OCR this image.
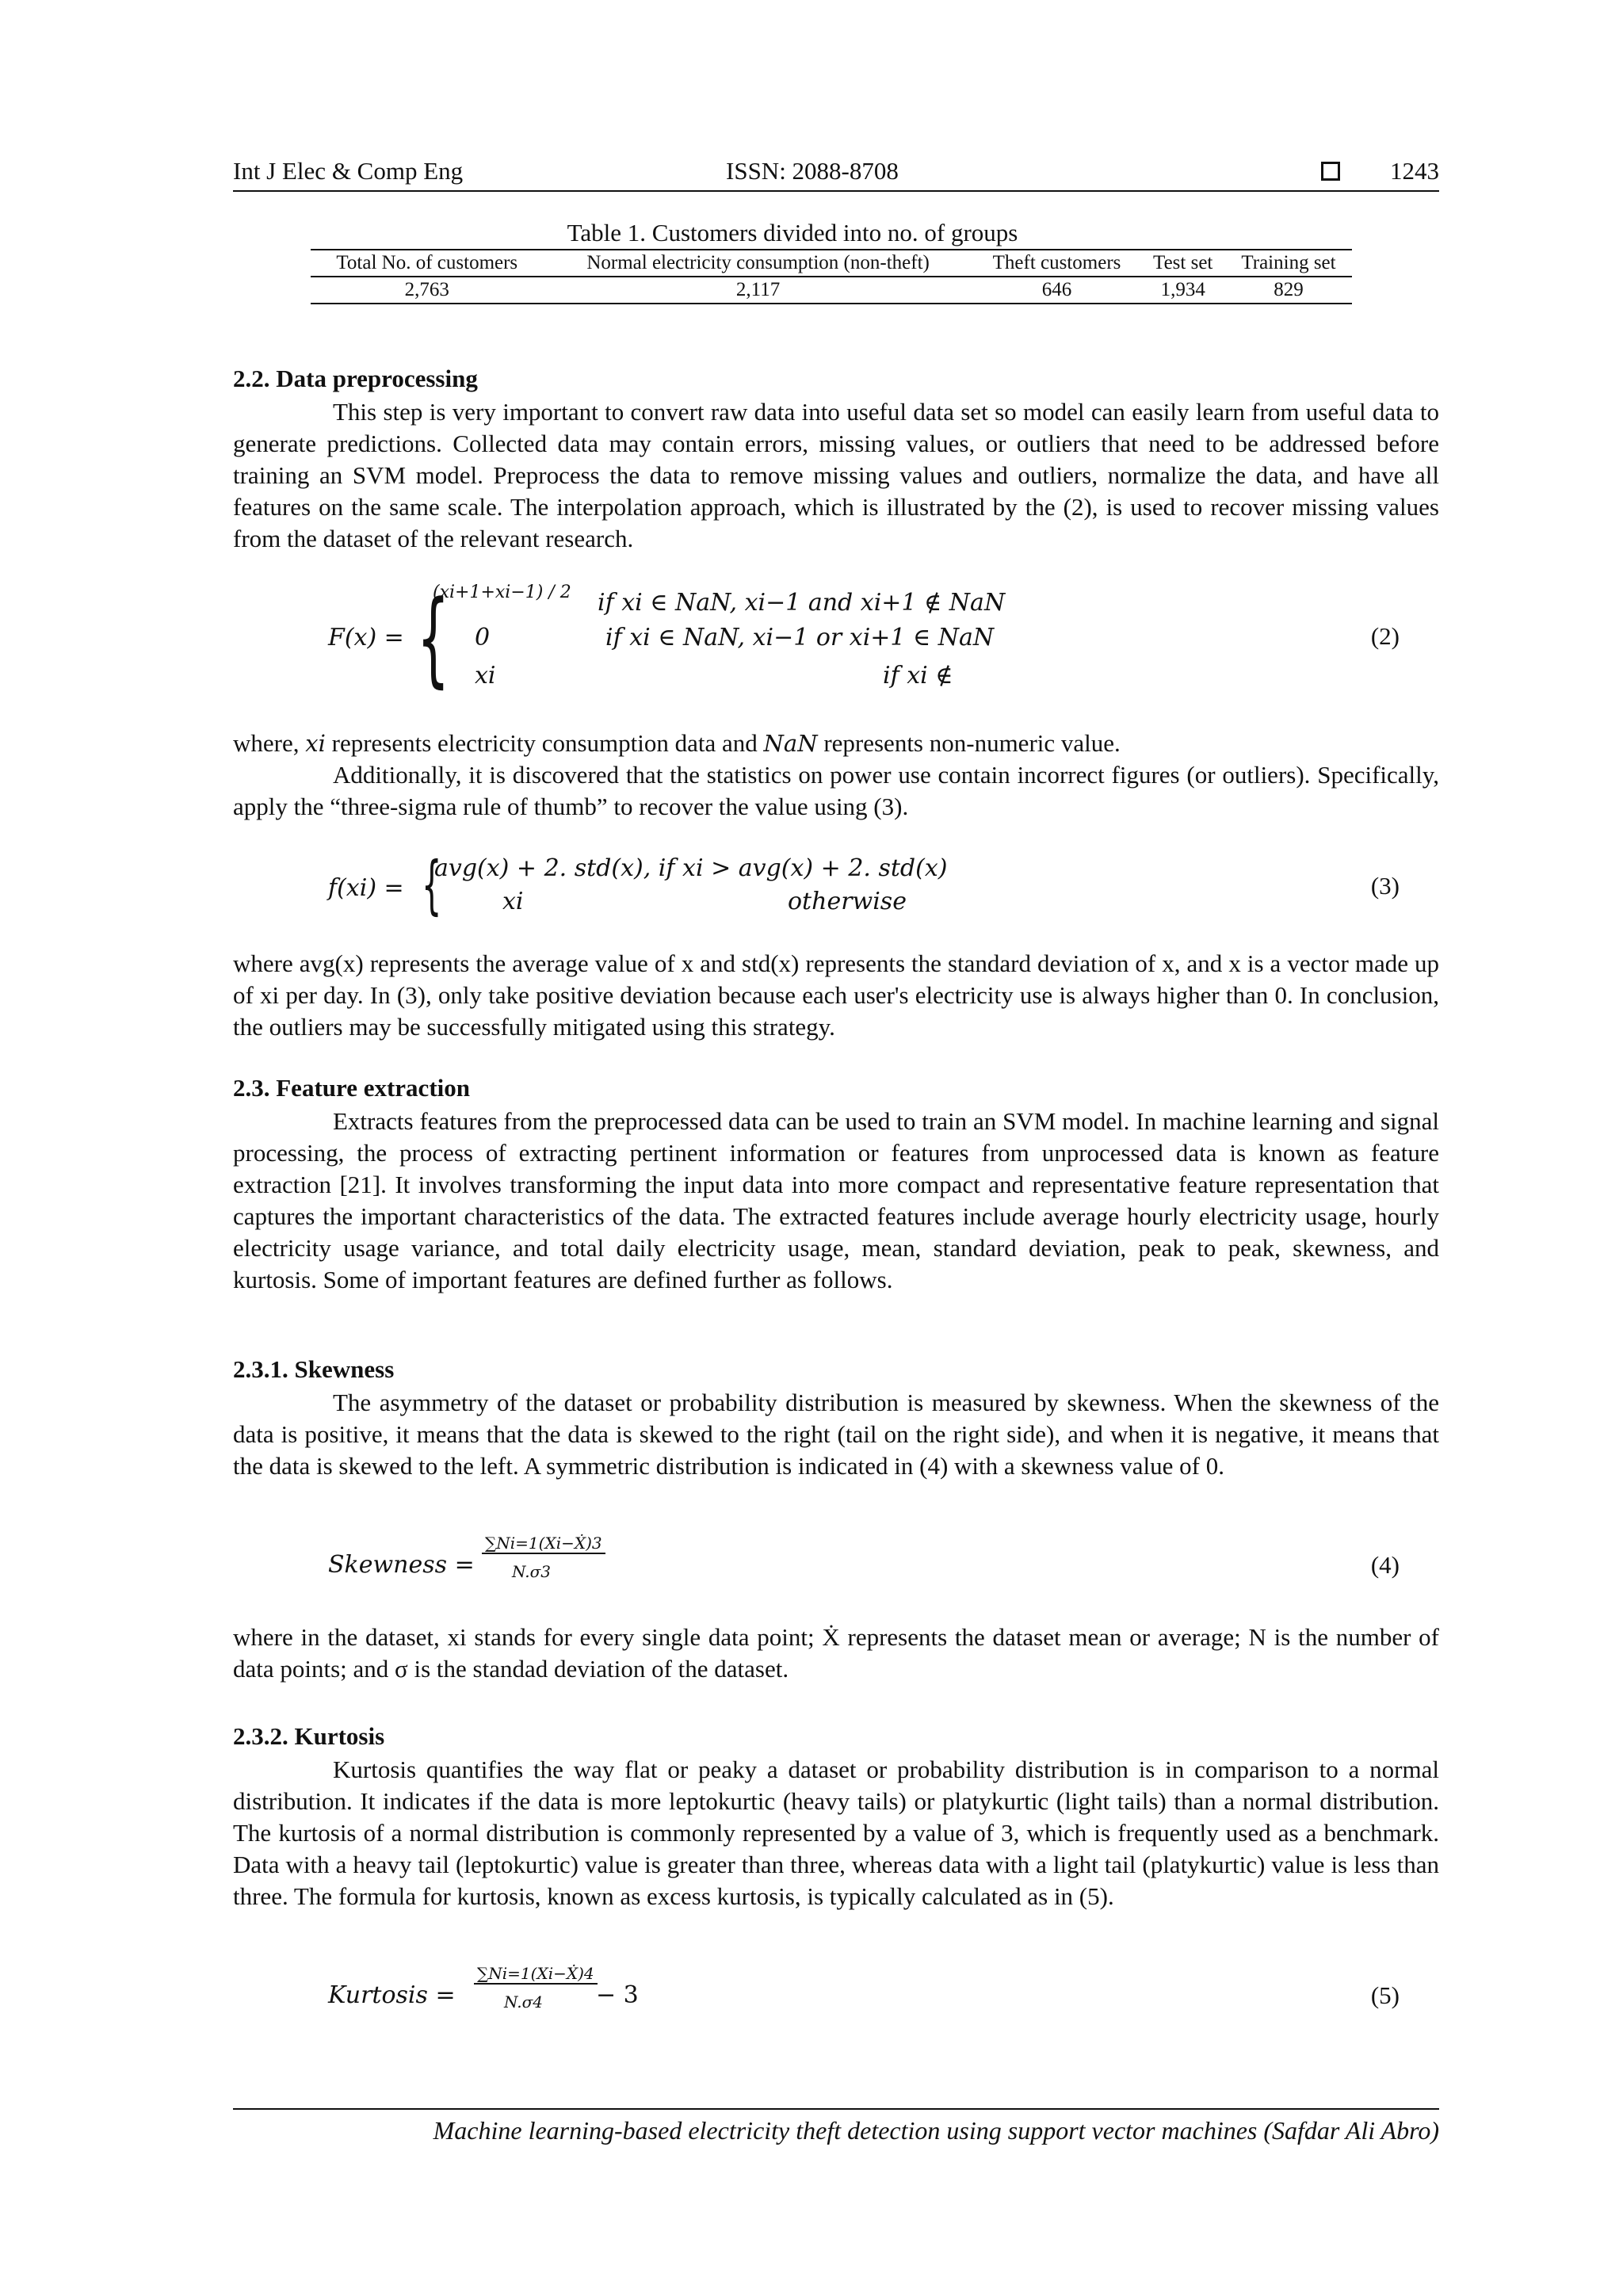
Int J Elec & Comp Eng	ISSN: 2088-8708	1243
Table 1. Customers divided into no. of groups
Total No. of customers	Normal electricity consumption (non-theft)	Theft customers	Test set	Training set
2,763	2,117	646	1,934	829
2.2. Data preprocessing

This step is very important to convert raw data into useful data set so model can easily learn from useful data to generate predictions. Collected data may contain errors, missing values, or outliers that need to be addressed before training an SVM model. Preprocess the data to remove missing values and outliers, normalize the data, and have all features on the same scale. The interpolation approach, which is illustrated by the (2), is used to recover missing values from the dataset of the relevant research.

F(x) = {
(xi+1+xi−1) / 2 if xi ∈ NaN, xi−1 and xi+1 ∉ NaN
0	if xi ∈ NaN, xi−1 or xi+1 ∈ NaN
xi	if xi ∉
(2)

where, xi represents electricity consumption data and NaN represents non-numeric value.

Additionally, it is discovered that the statistics on power use contain incorrect figures (or outliers). Specifically, apply the “three-sigma rule of thumb” to recover the value using (3).

f(xi) = {
avg(x) + 2. std(x), if xi > avg(x) + 2. std(x)
xi	otherwise
(3)

where avg(x) represents the average value of x and std(x) represents the standard deviation of x, and x is a vector made up of xi per day. In (3), only take positive deviation because each user's electricity use is always higher than 0. In conclusion, the outliers may be successfully mitigated using this strategy.

2.3. Feature extraction

Extracts features from the preprocessed data can be used to train an SVM model. In machine learning and signal processing, the process of extracting pertinent information or features from unprocessed data is known as feature extraction [21]. It involves transforming the input data into more compact and representative feature representation that captures the important characteristics of the data. The extracted features include average hourly electricity usage, hourly electricity usage variance, and total daily electricity usage, mean, standard deviation, peak to peak, skewness, and kurtosis. Some of important features are defined further as follows.

2.3.1. Skewness

The asymmetry of the dataset or probability distribution is measured by skewness. When the skewness of the data is positive, it means that the data is skewed to the right (tail on the right side), and when it is negative, it means that the data is skewed to the left. A symmetric distribution is indicated in (4) with a skewness value of 0.

Skewness =
∑Ni=1(Xi−Ẋ)3
N.σ3	(4)

where in the dataset, xi stands for every single data point; Ẋ represents the dataset mean or average; N is the number of data points; and σ is the standad deviation of the dataset.

2.3.2. Kurtosis

Kurtosis quantifies the way flat or peaky a dataset or probability distribution is in comparison to a normal distribution. It indicates if the data is more leptokurtic (heavy tails) or platykurtic (light tails) than a normal distribution. The kurtosis of a normal distribution is commonly represented by a value of 3, which is frequently used as a benchmark. Data with a heavy tail (leptokurtic) value is greater than three, whereas data with a light tail (platykurtic) value is less than three. The formula for kurtosis, known as excess kurtosis, is typically calculated as in (5).

Kurtosis =
∑Ni=1(Xi−Ẋ)4
N.σ4 − 3	(5)
Machine learning-based electricity theft detection using support vector machines (Safdar Ali Abro)
